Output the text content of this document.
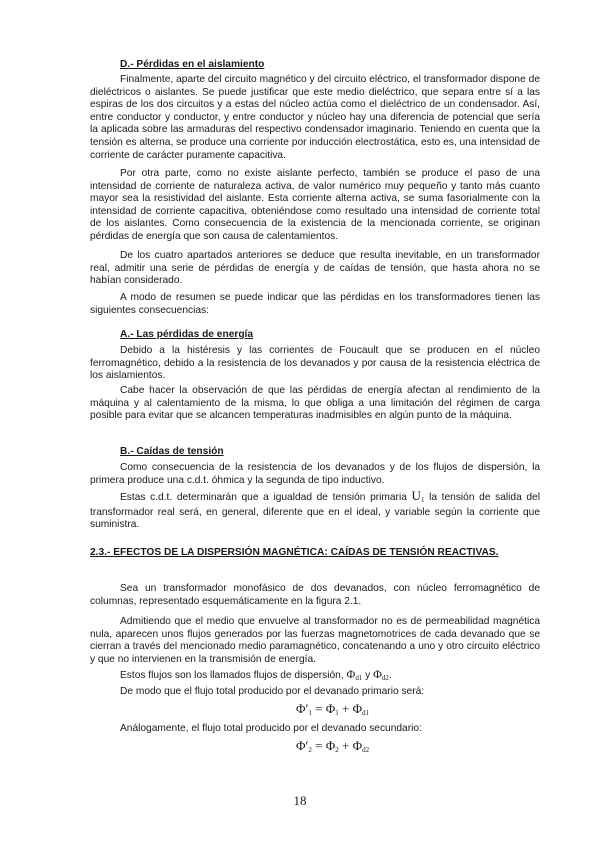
D.- Pérdidas en el aislamiento

Finalmente, aparte del circuito magnético y del circuito eléctrico, el transformador dispone de dieléctricos o aislantes. Se puede justificar que este medio dieléctrico, que separa entre sí a las espiras de los dos circuitos y a estas del núcleo actúa como el dieléctrico de un condensador. Así, entre conductor y conductor, y entre conductor y núcleo hay una diferencia de potencial que sería la aplicada sobre las armaduras del respectivo condensador imaginario. Teniendo en cuenta que la tensión es alterna, se produce una corriente por inducción electrostática, esto es, una intensidad de corriente de carácter puramente capacitiva.

Por otra parte, como no existe aislante perfecto, también se produce el paso de una intensidad de corriente de naturaleza activa, de valor numérico muy pequeño y tanto más cuanto mayor sea la resistividad del aislante. Esta corriente alterna activa, se suma fasorialmente con la intensidad de corriente capacitiva, obteniéndose como resultado una intensidad de corriente total de los aislantes. Como consecuencia de la existencia de la mencionada corriente, se originan pérdidas de energía que son causa de calentamientos.

De los cuatro apartados anteriores se deduce que resulta inevitable, en un transformador real, admitir una serie de pérdidas de energía y de caídas de tensión, que hasta ahora no se habían considerado.

A modo de resumen se puede indicar que las pérdidas en los transformadores tienen las siguientes consecuencias:

A.- Las pérdidas de energía

Debido a la histéresis y las corrientes de Foucault que se producen en el núcleo ferromagnético, debido a la resistencia de los devanados y por causa de la resistencia eléctrica de los aislamientos.

Cabe hacer la observación de que las pérdidas de energía afectan al rendimiento de la máquina y al calentamiento de la misma, lo que obliga a una limitación del régimen de carga posible para evitar que se alcancen temperaturas inadmisibles en algún punto de la máquina.

B.- Caídas de tensión

Como consecuencia de la resistencia de los devanados y de los flujos de dispersión, la primera produce una c.d.t. óhmica y la segunda de tipo inductivo.

Estas c.d.t. determinarán que a igualdad de tensión primaria $U_1$ la tensión de salida del transformador real será, en general, diferente que en el ideal, y variable según la corriente que suministra.

2.3.- EFECTOS DE LA DISPERSIÓN MAGNÉTICA: CAÍDAS DE TENSIÓN REACTIVAS.

Sea un transformador monofásico de dos devanados, con núcleo ferromagnético de columnas, representado esquemáticamente en la figura 2.1.

Admitiendo que el medio que envuelve al transformador no es de permeabilidad magnética nula, aparecen unos flujos generados por las fuerzas magnetomotrices de cada devanado que se cierran a través del mencionado medio paramagnético, concatenando a uno y otro circuito eléctrico y que no intervienen en la transmisión de energía.

Estos flujos son los llamados flujos de dispersión, $\Phi_{d1}$ y $\Phi_{d2}$.

De modo que el flujo total producido por el devanado primario será:

$\Phi'_1 = \Phi_1 + \Phi_{d1}$

Análogamente, el flujo total producido por el devanado secundario:

$\Phi'_2 = \Phi_2 + \Phi_{d2}$
18
